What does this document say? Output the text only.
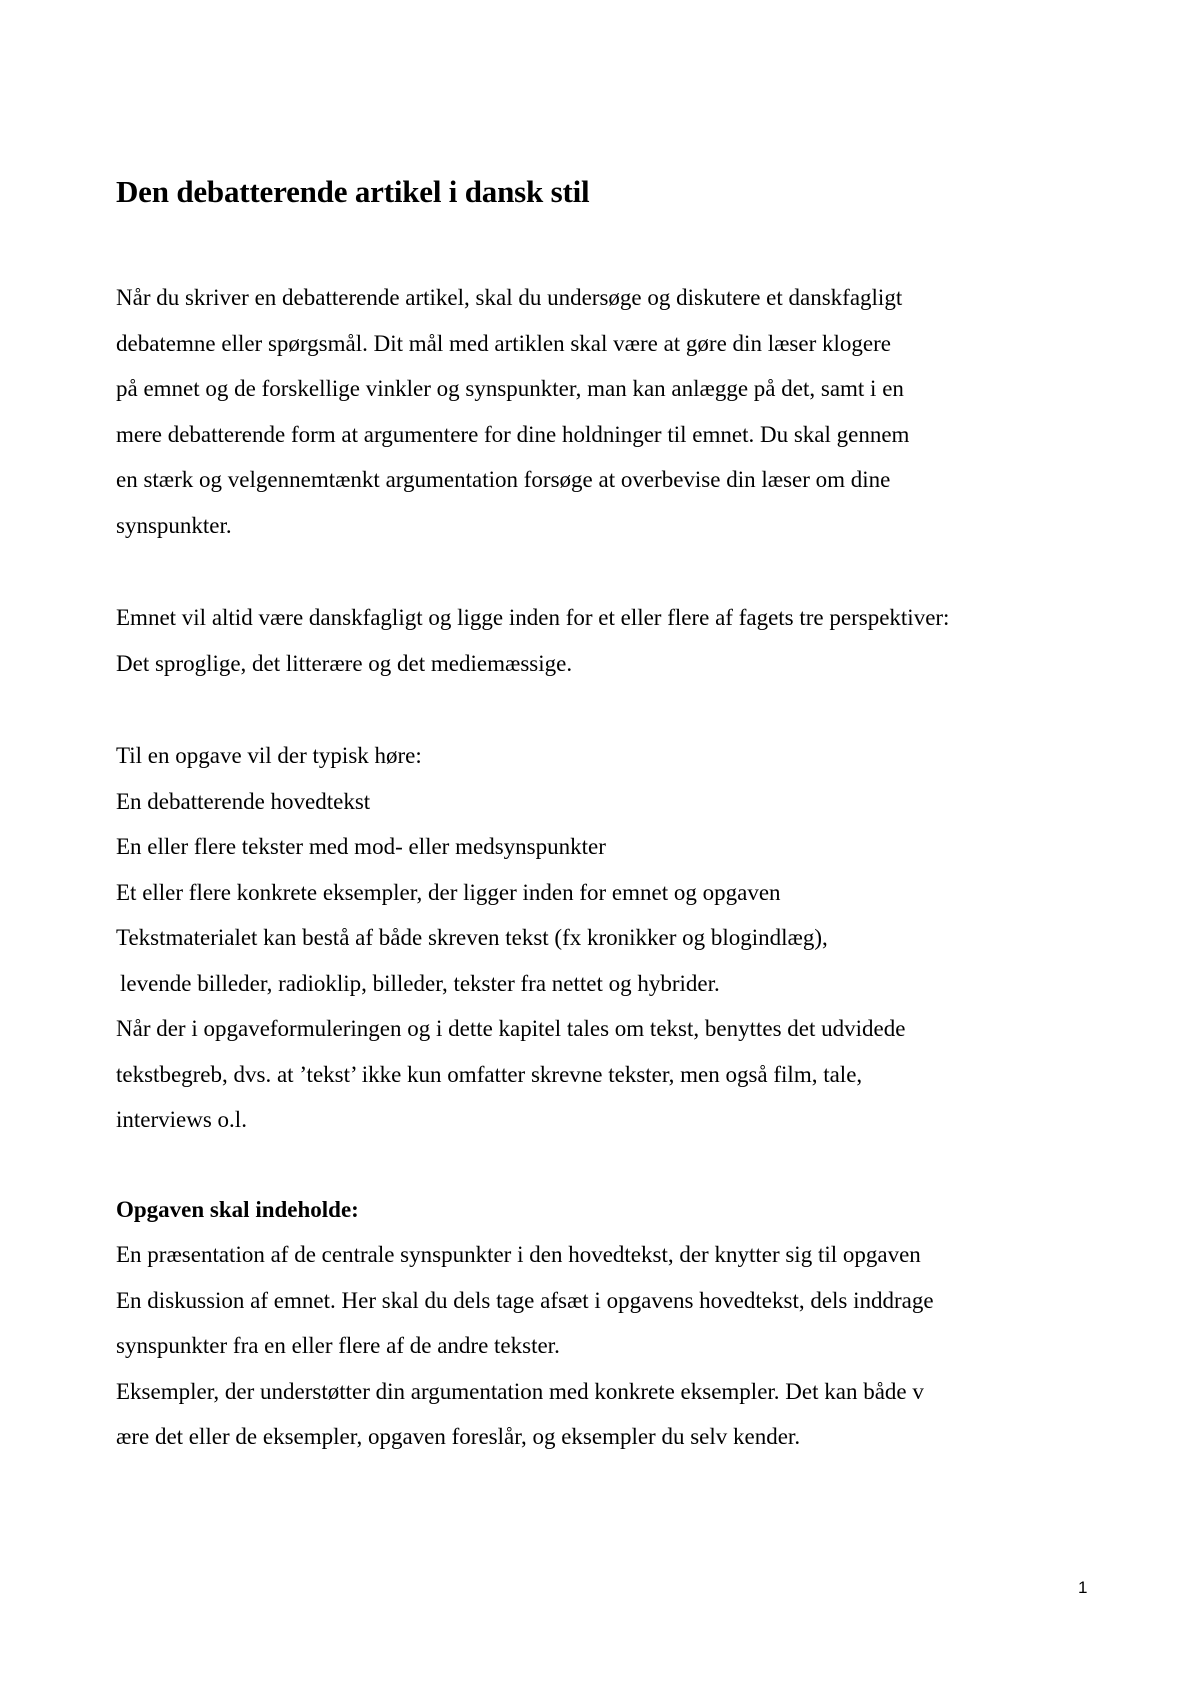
Den debatterende artikel i dansk stil
Når du skriver en debatterende artikel, skal du undersøge og diskutere et danskfagligt
debatemne eller spørgsmål. Dit mål med artiklen skal være at gøre din læser klogere
på emnet og de forskellige vinkler og synspunkter, man kan anlægge på det, samt i en
mere debatterende form at argumentere for dine holdninger til emnet. Du skal gennem
en stærk og velgennemtænkt argumentation forsøge at overbevise din læser om dine
synspunkter.
Emnet vil altid være danskfagligt og ligge inden for et eller flere af fagets tre perspektiver:
Det sproglige, det litterære og det mediemæssige.
Til en opgave vil der typisk høre:
En debatterende hovedtekst
En eller flere tekster med mod- eller medsynspunkter
Et eller flere konkrete eksempler, der ligger inden for emnet og opgaven
Tekstmaterialet kan bestå af både skreven tekst (fx kronikker og blogindlæg),
levende billeder, radioklip, billeder, tekster fra nettet og hybrider.
Når der i opgaveformuleringen og i dette kapitel tales om tekst, benyttes det udvidede
tekstbegreb, dvs. at ’tekst’ ikke kun omfatter skrevne tekster, men også film, tale,
interviews o.l.
Opgaven skal indeholde:
En præsentation af de centrale synspunkter i den hovedtekst, der knytter sig til opgaven
En diskussion af emnet. Her skal du dels tage afsæt i opgavens hovedtekst, dels inddrage
synspunkter fra en eller flere af de andre tekster.
Eksempler, der understøtter din argumentation med konkrete eksempler. Det kan både v
ære det eller de eksempler, opgaven foreslår, og eksempler du selv kender.
1
